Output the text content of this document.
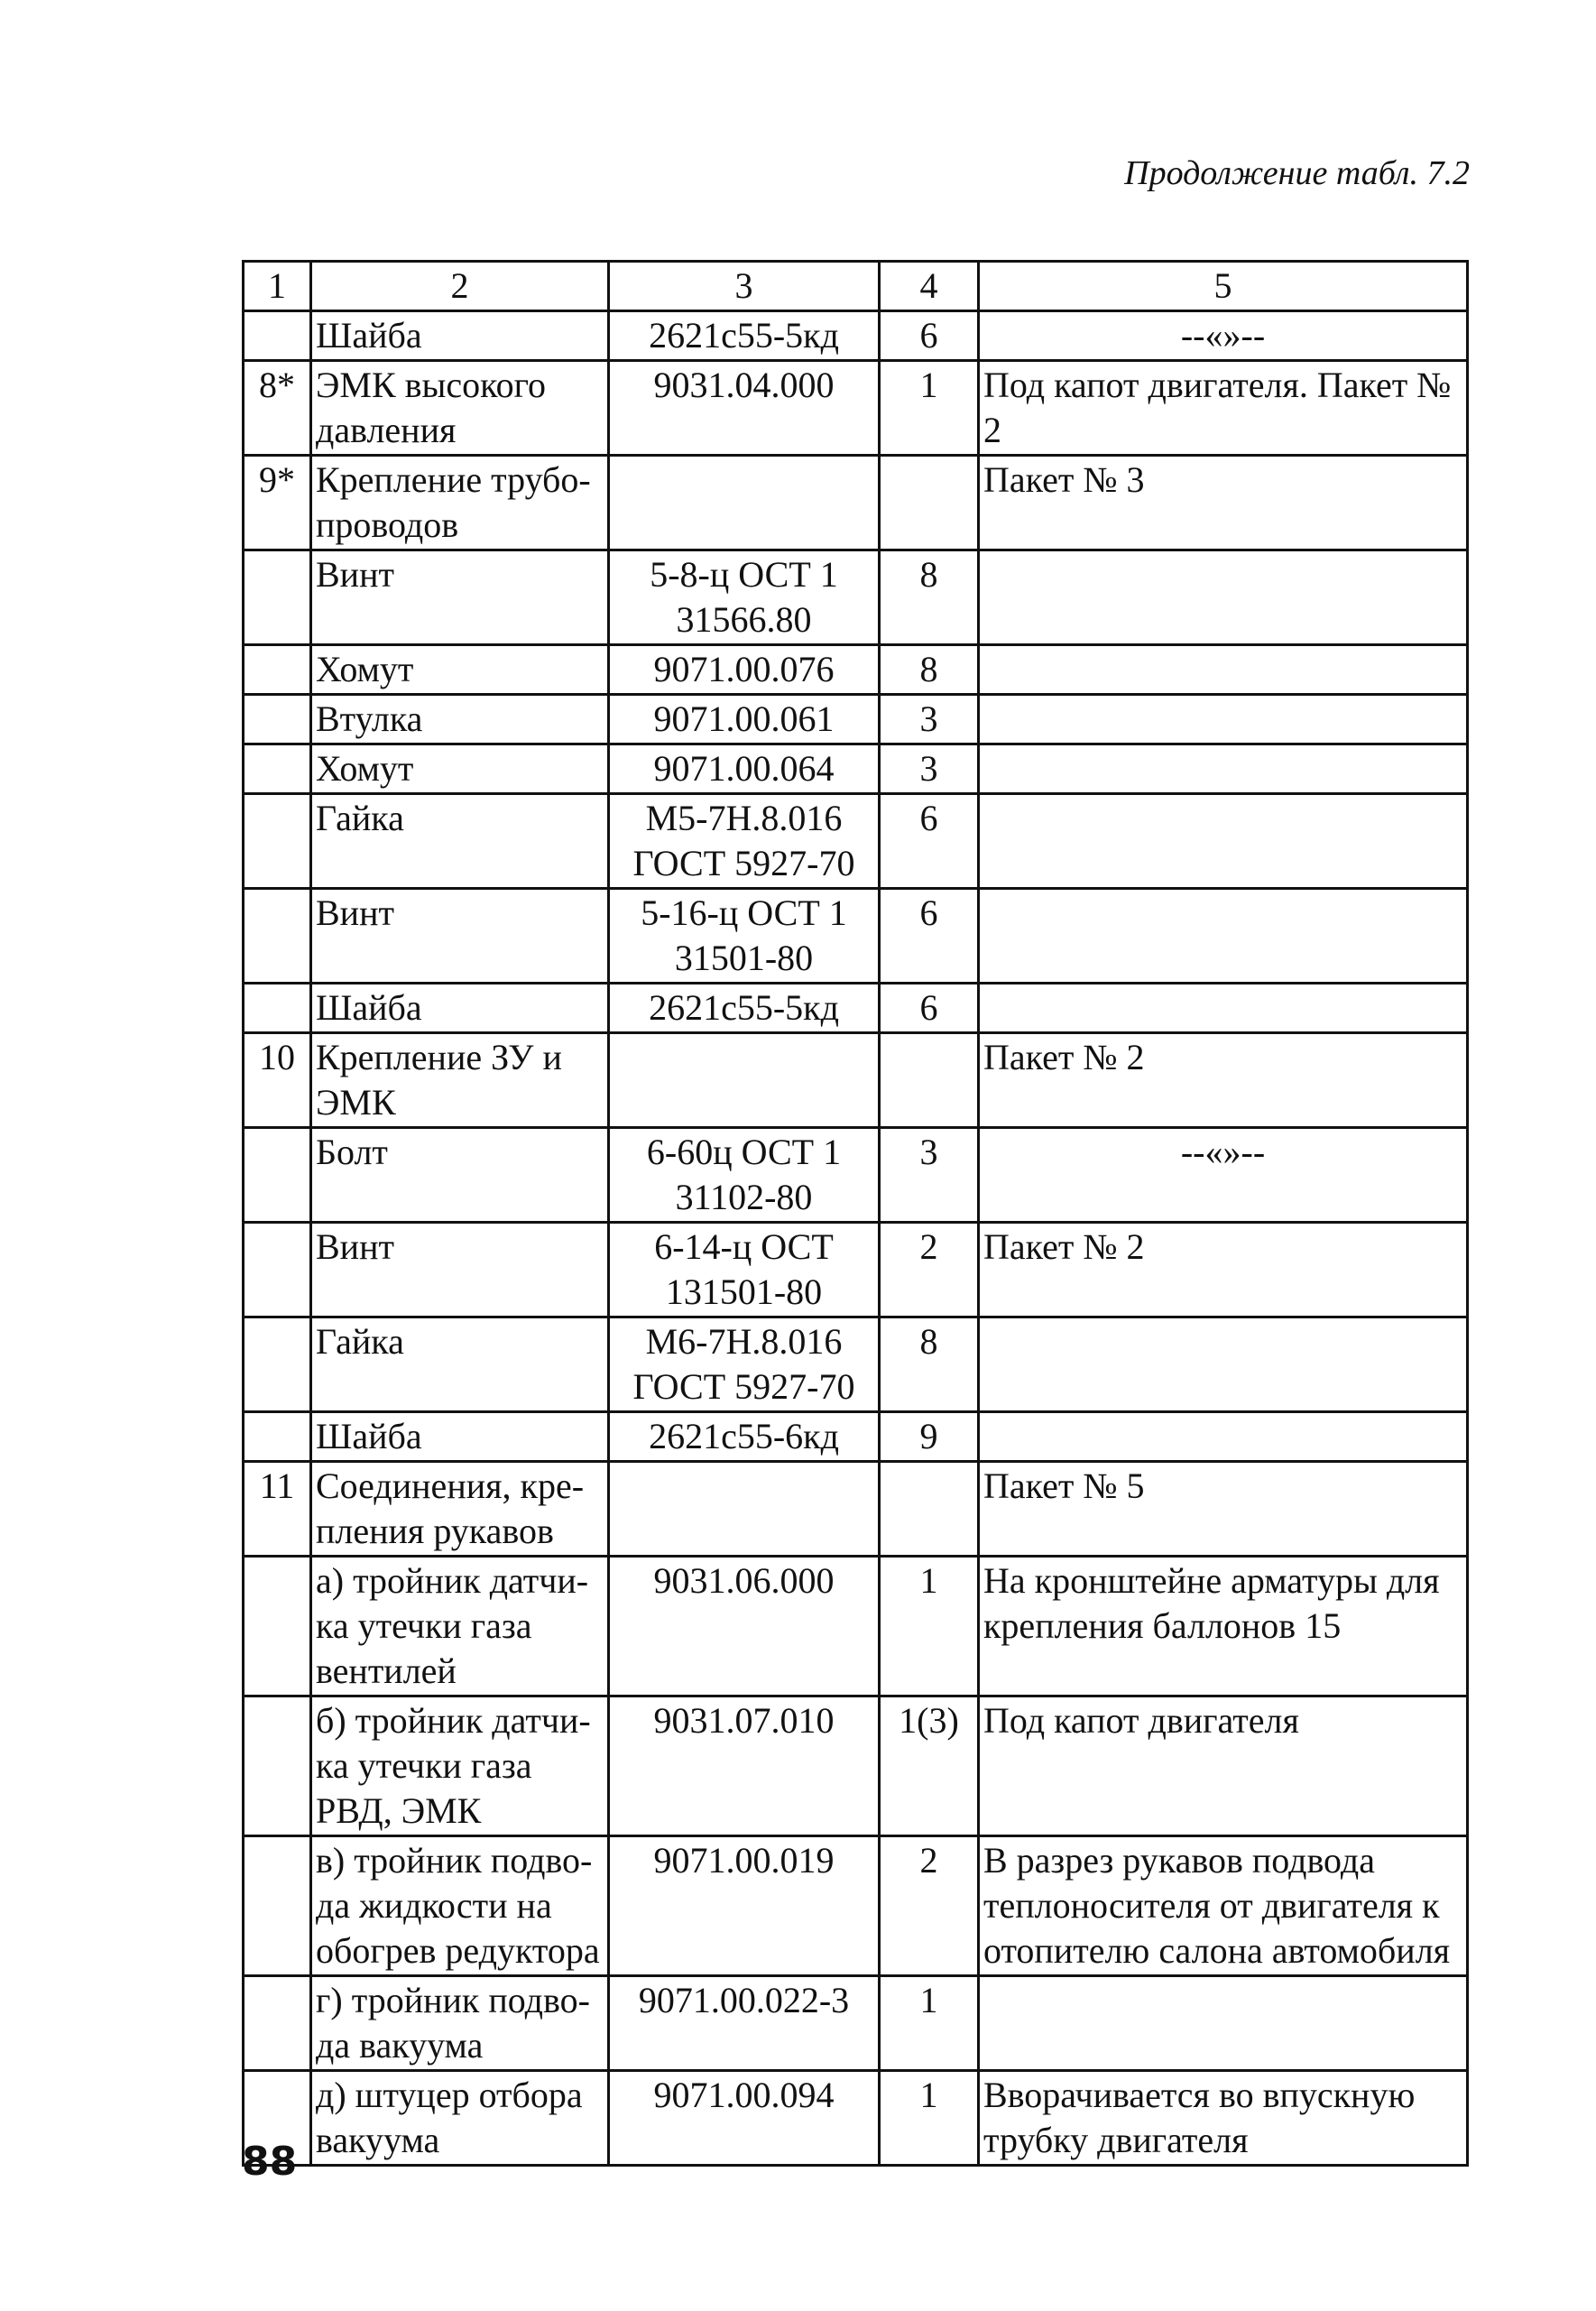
Продолжение табл. 7.2
1	2	3	4	5
	Шайба	2621с55-5кд	6	--«»--
8*	ЭМК высокого давления	9031.04.000	1	Под капот двигателя. Пакет № 2
9*	Крепление трубо-проводов			Пакет № 3
	Винт	5-8-ц ОСТ 1 31566.80	8	
	Хомут	9071.00.076	8	
	Втулка	9071.00.061	3	
	Хомут	9071.00.064	3	
	Гайка	М5-7Н.8.016 ГОСТ 5927-70	6	
	Винт	5-16-ц ОСТ 1 31501-80	6	
	Шайба	2621с55-5кд	6	
10	Крепление ЗУ и ЭМК			Пакет № 2
	Болт	6-60ц ОСТ 1 31102-80	3	--«»--
	Винт	6-14-ц ОСТ 131501-80	2	Пакет № 2
	Гайка	М6-7Н.8.016 ГОСТ 5927-70	8	
	Шайба	2621с55-6кд	9	
11	Соединения, кре-пления рукавов			Пакет № 5
	а) тройник датчи-ка утечки газа вентилей	9031.06.000	1	На кронштейне арматуры для крепления баллонов 15
	б) тройник датчи-ка утечки газа РВД, ЭМК	9031.07.010	1(3)	Под капот двигателя
	в) тройник подво-да жидкости на обогрев редуктора	9071.00.019	2	В разрез рукавов подвода теплоносителя от двигателя к отопителю салона автомобиля
	г) тройник подво-да вакуума	9071.00.022-3	1	
	д) штуцер отбора вакуума	9071.00.094	1	Вворачивается во впускную трубку двигателя
88
